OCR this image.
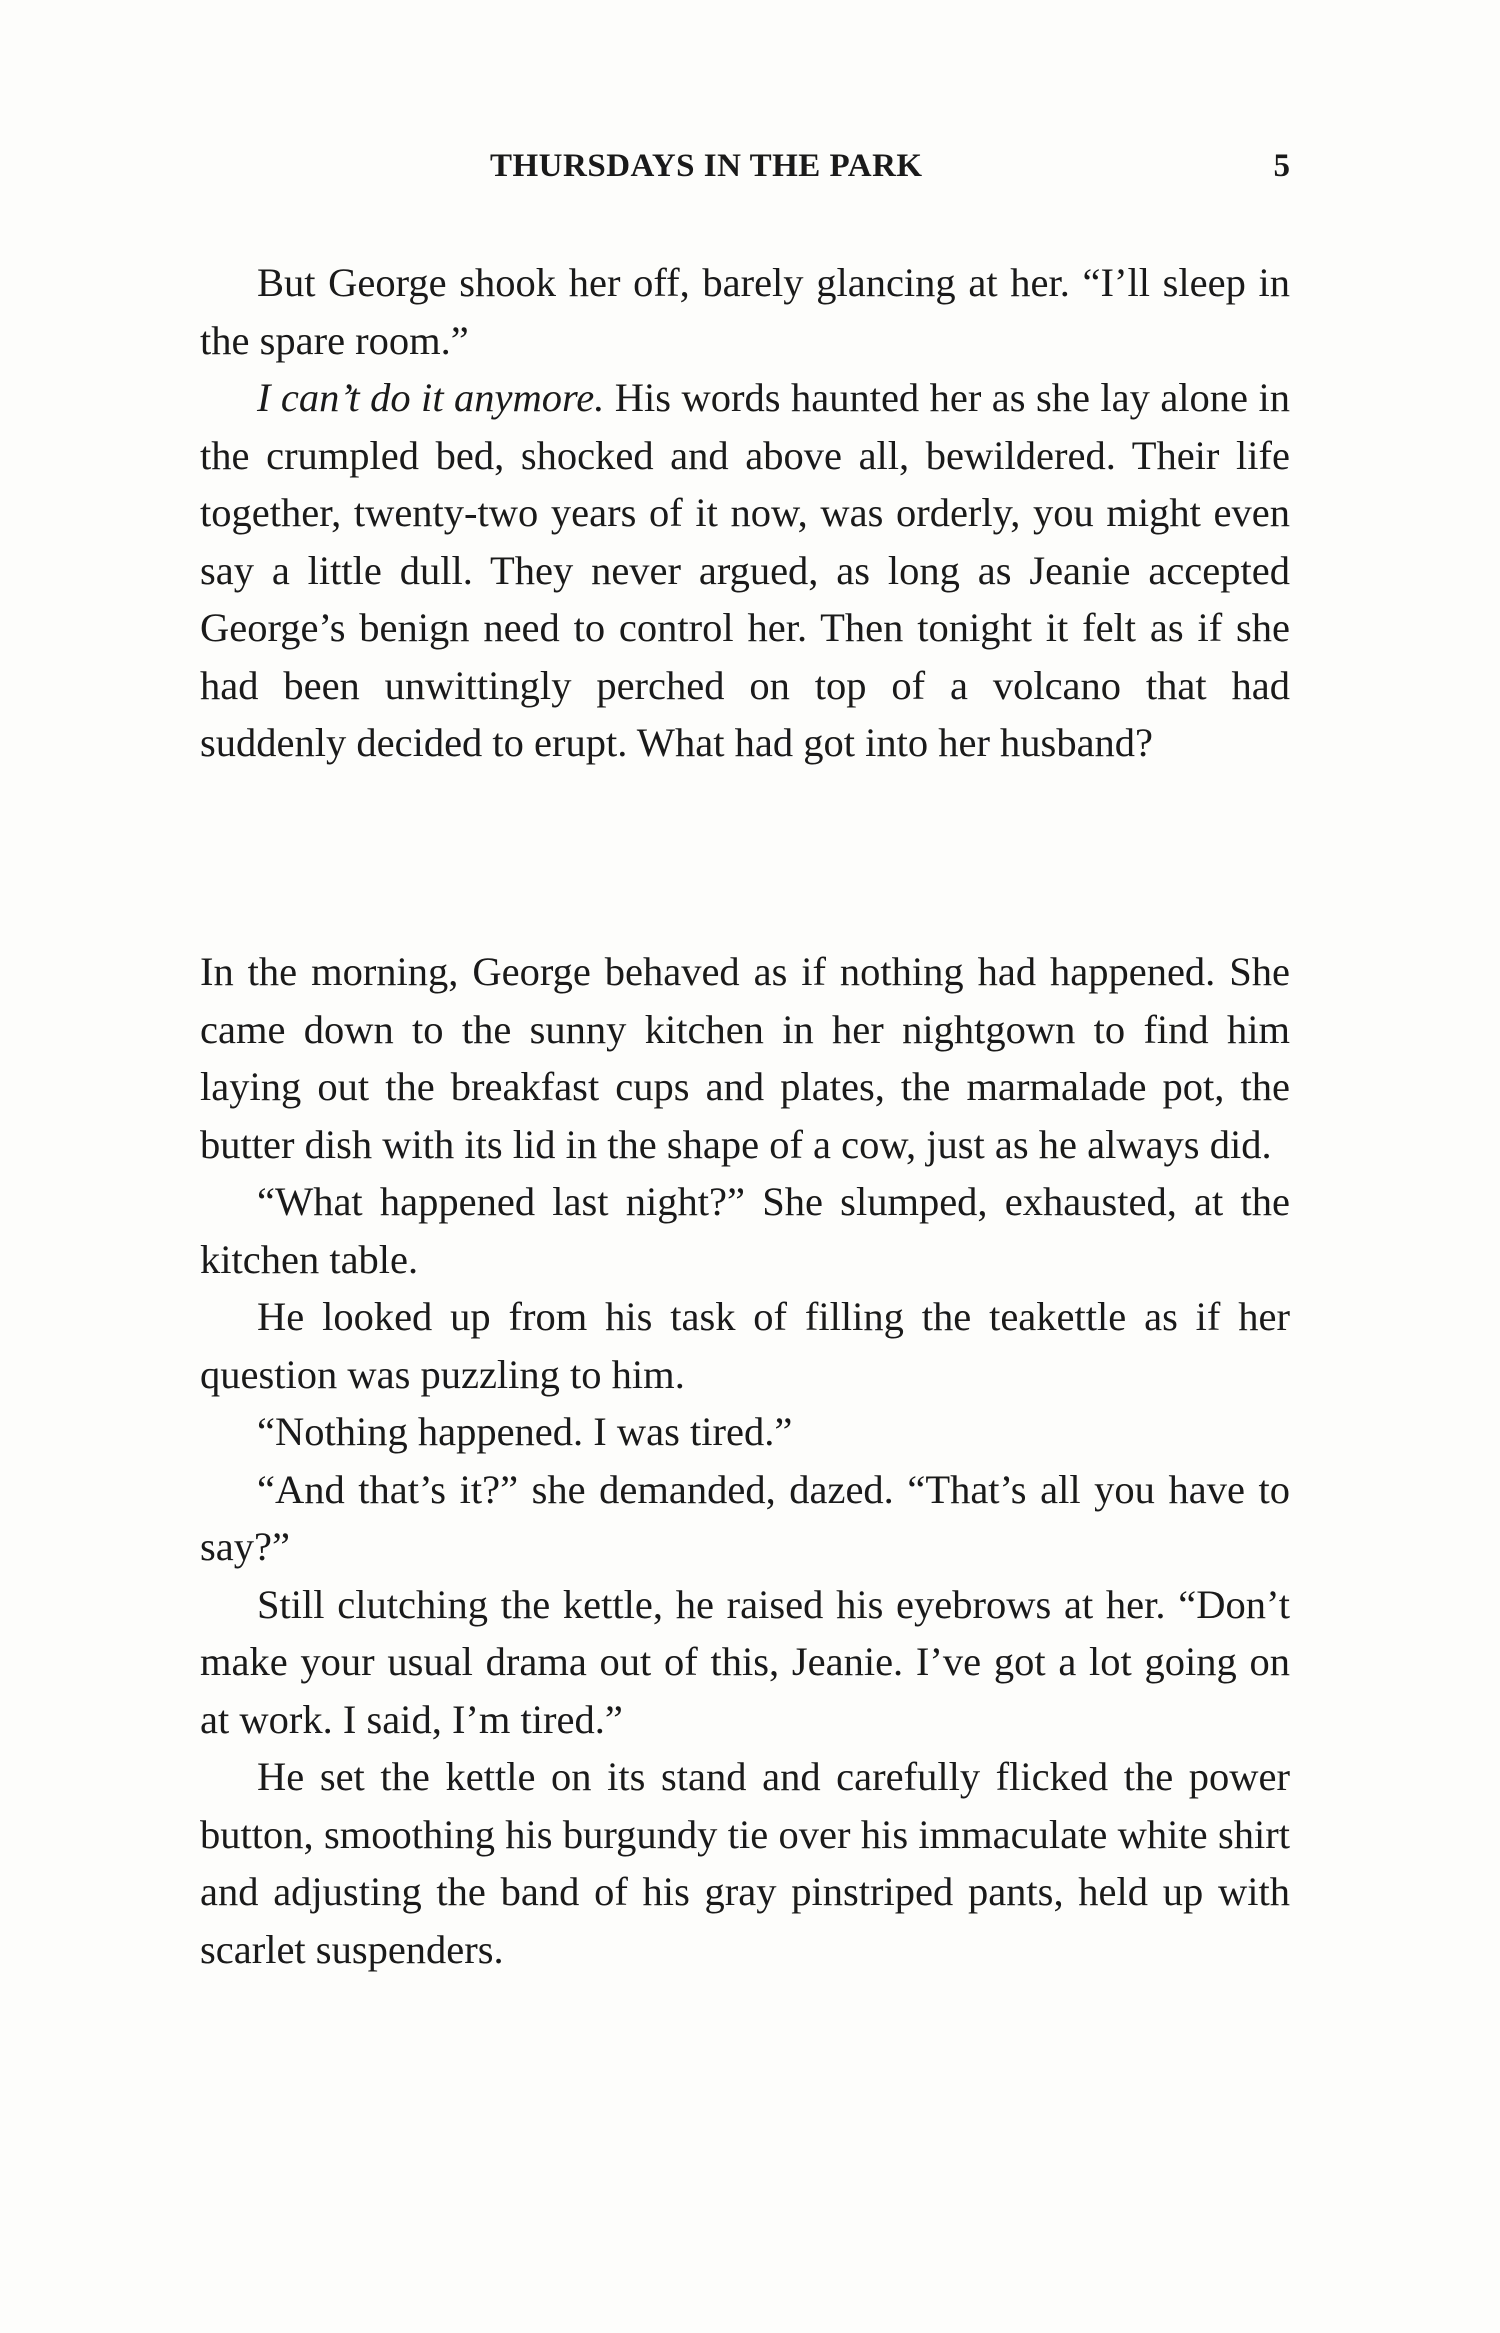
THURSDAYS IN THE PARK	5

But George shook her off, barely glancing at her. “I’ll sleep in the spare room.”

I can’t do it anymore. His words haunted her as she lay alone in the crumpled bed, shocked and above all, bewildered. Their life together, twenty-two years of it now, was orderly, you might even say a little dull. They never argued, as long as Jeanie accepted George’s benign need to control her. Then tonight it felt as if she had been unwittingly perched on top of a volcano that had suddenly decided to erupt. What had got into her husband?

In the morning, George behaved as if nothing had happened. She came down to the sunny kitchen in her nightgown to find him laying out the breakfast cups and plates, the marmalade pot, the butter dish with its lid in the shape of a cow, just as he always did.

“What happened last night?” She slumped, exhausted, at the kitchen table.

He looked up from his task of filling the teakettle as if her question was puzzling to him.

“Nothing happened. I was tired.”

“And that’s it?” she demanded, dazed. “That’s all you have to say?”

Still clutching the kettle, he raised his eyebrows at her. “Don’t make your usual drama out of this, Jeanie. I’ve got a lot going on at work. I said, I’m tired.”

He set the kettle on its stand and carefully flicked the power button, smoothing his burgundy tie over his immaculate white shirt and adjusting the band of his gray pinstriped pants, held up with scarlet suspenders.
